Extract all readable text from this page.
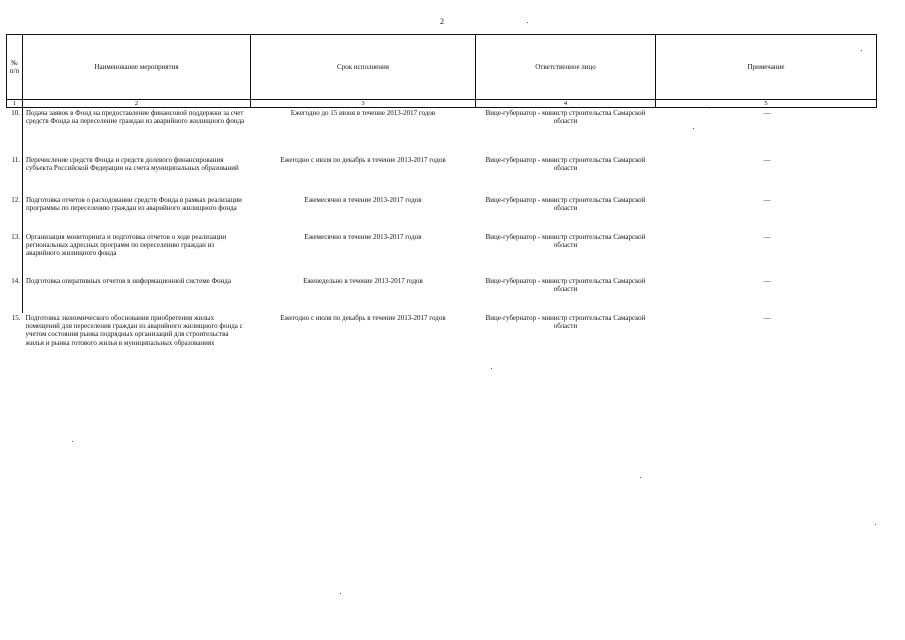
2
№ п/п	Наименование мероприятия	Срок исполнения	Ответственное лицо	Примечание
1	2	3	4	5
10.	Подача заявок в Фонд на предоставление финансовой поддержки за счет средств Фонда на переселение граждан из аварийного жилищного фонда	Ежегодно до 15 июня в течение 2013-2017 годов	Вице-губернатор - министр строительства Самарской области	—
11.	Перечисление средств Фонда и средств долевого финансирования субъекта Российской Федерации на счета муниципальных образований	Ежегодно с июля по декабрь в течение 2013-2017 годов	Вице-губернатор - министр строительства Самарской области	—
12.	Подготовка отчетов о расходовании средств Фонда в рамках реализации программы по переселению граждан из аварийного жилищного фонда	Ежемесячно в течение 2013-2017 годов	Вице-губернатор - министр строительства Самарской области	—
13.	Организация мониторинга и подготовка отчетов о ходе реализации региональных адресных программ по переселению граждан из аварийного жилищного фонда	Ежемесячно в течение 2013-2017 годов	Вице-губернатор - министр строительства Самарской области	—
14.	Подготовка оперативных отчетов в информационной системе Фонда	Еженедельно в течение 2013-2017 годов	Вице-губернатор - министр строительства Самарской области	—
15.	Подготовка экономического обоснования приобретения жилых помещений для переселения граждан из аварийного жилищного фонда с учетом состояния рынка подрядных организаций для строительства жилья и рынка готового жилья в муниципальных образованиях	Ежегодно с июля по декабрь в течение 2013-2017 годов	Вице-губернатор - министр строительства Самарской области	—
